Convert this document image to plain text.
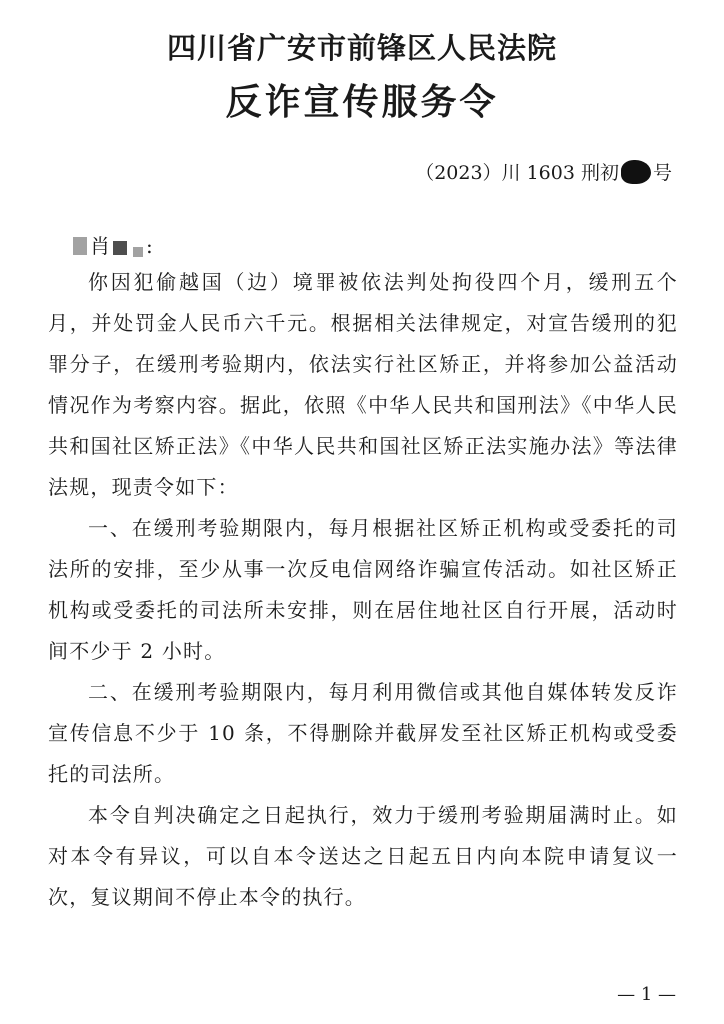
四川省广安市前锋区人民法院
反诈宣传服务令
（2023）川 1603 刑初 号
肖 :

你因犯偷越国（边）境罪被依法判处拘役四个月，缓刑五个月，并处罚金人民币六千元。根据相关法律规定，对宣告缓刑的犯罪分子，在缓刑考验期内，依法实行社区矫正，并将参加公益活动情况作为考察内容。据此，依照《中华人民共和国刑法》《中华人民共和国社区矫正法》《中华人民共和国社区矫正法实施办法》等法律法规，现责令如下：

一、在缓刑考验期限内，每月根据社区矫正机构或受委托的司法所的安排，至少从事一次反电信网络诈骗宣传活动。如社区矫正机构或受委托的司法所未安排，则在居住地社区自行开展，活动时间不少于 2 小时。

二、在缓刑考验期限内，每月利用微信或其他自媒体转发反诈宣传信息不少于 10 条，不得删除并截屏发至社区矫正机构或受委托的司法所。

本令自判决确定之日起执行，效力于缓刑考验期届满时止。如对本令有异议，可以自本令送达之日起五日内向本院申请复议一次，复议期间不停止本令的执行。

— 1 —
